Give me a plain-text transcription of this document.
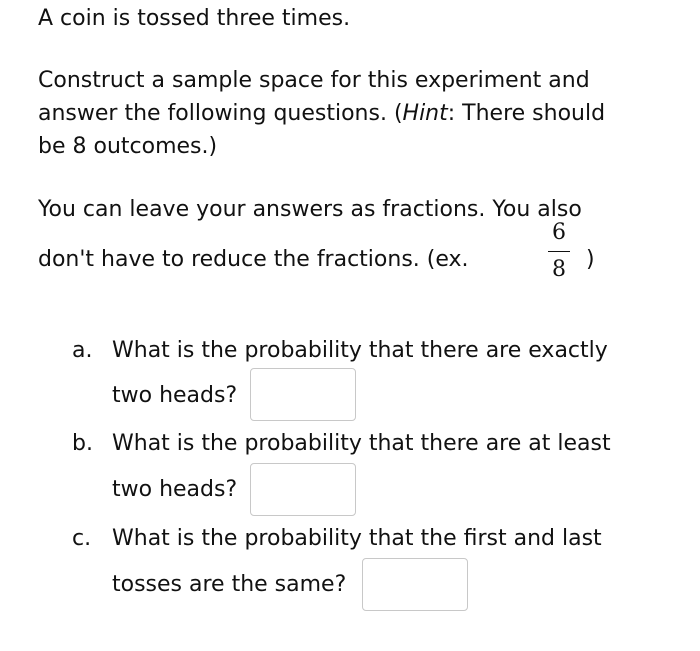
A coin is tossed three times.

Construct a sample space for this experiment and
answer the following questions. (Hint: There should
be 8 outcomes.)

You can leave your answers as fractions. You also

don't have to reduce the fractions. (ex.

6
8 )
a. What is the probability that there are exactly
two heads?
b. What is the probability that there are at least
two heads?
c. What is the probability that the first and last
tosses are the same?
